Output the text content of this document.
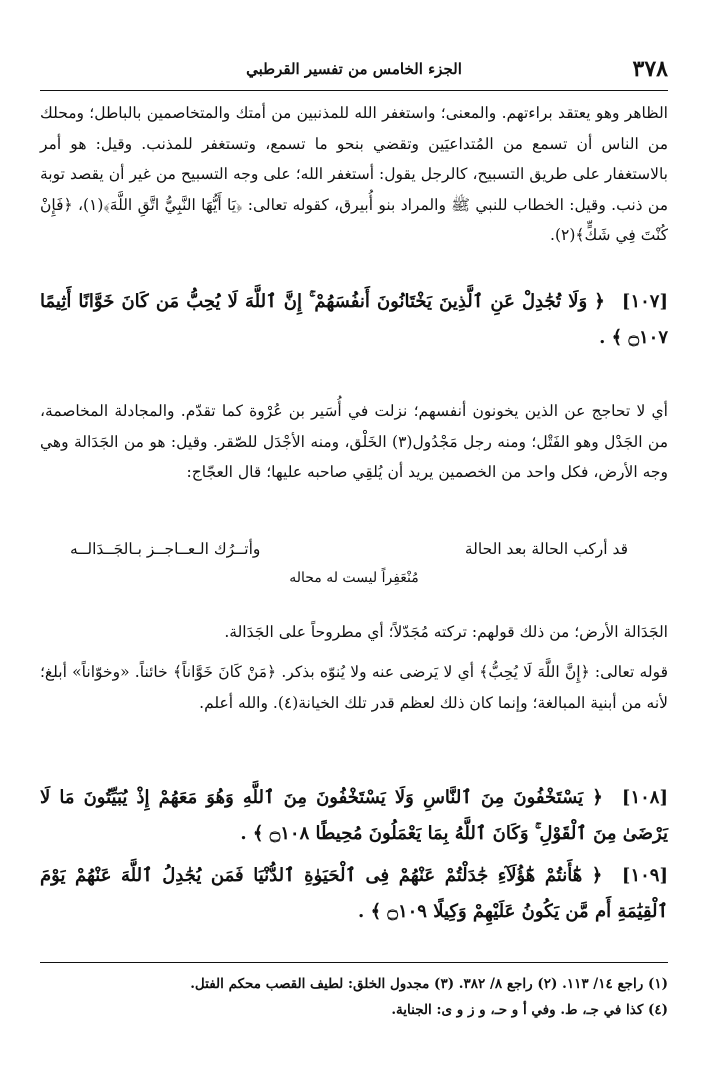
٣٧٨
الجزء الخامس من تفسير القرطبي
الظاهر وهو يعتقد براءتهم. والمعنى؛ واستغفر الله للمذنبين من أمتك والمتخاصمين بالباطل؛ ومحلك من الناس أن تسمع من المُتداعيَين وتقضي بنحو ما تسمع، وتستغفر للمذنب. وقيل: هو أمر بالاستغفار على طريق التسبيح، كالرجل يقول: أستغفر الله؛ على وجه التسبيح من غير أن يقصد توبة من ذنب. وقيل: الخطاب للنبي ﷺ والمراد بنو أُبيرق، كقوله تعالى: ﴿يَا أَيُّهَا النَّبِيُّ اتَّقِ اللَّهَ﴾(١)، ﴿فَإِنْ كُنْتَ فِي شَكٍّ﴾(٢).
[١٠٧] ﴿ وَلَا تُجَٰدِلْ عَنِ ٱلَّذِينَ يَخْتَانُونَ أَنفُسَهُمْ ۚ إِنَّ ٱللَّهَ لَا يُحِبُّ مَن كَانَ خَوَّانًا أَثِيمًا ۝١٠٧ ﴾ .
أي لا تحاجج عن الذين يخونون أنفسهم؛ نزلت في أُسَير بن عُرْوة كما تقدّم. والمجادلة المخاصمة، من الجَدْل وهو الفَتْل؛ ومنه رجل مَجْدُول(٣) الخَلْق، ومنه الأجْدَل للصّقر. وقيل: هو من الجَدَالة وهي وجه الأرض، فكل واحد من الخصمين يريد أن يُلقِي صاحبه عليها؛ قال العجّاج:
قد أركب الحالة بعد الحالة
وأتــرُك الـعــاجــز بـالجَــدَالــه
مُنْعَفِراً ليست له محاله
الجَدَالة الأرض؛ من ذلك قولهم: تركته مُجَدّلاً؛ أي مطروحاً على الجَدَالة.
قوله تعالى: ﴿إِنَّ اللَّهَ لَا يُحِبُّ﴾ أي لا يَرضى عنه ولا يُنوّه بذكر. ﴿مَنْ كَانَ خَوَّاناً﴾ خائناً. «وخوّاناً» أبلغ؛ لأنه من أبنية المبالغة؛ وإنما كان ذلك لعظم قدر تلك الخيانة(٤). والله أعلم.
[١٠٨] ﴿ يَسْتَخْفُونَ مِنَ ٱلنَّاسِ وَلَا يَسْتَخْفُونَ مِنَ ٱللَّهِ وَهُوَ مَعَهُمْ إِذْ يُبَيِّتُونَ مَا لَا يَرْضَىٰ مِنَ ٱلْقَوْلِ ۚ وَكَانَ ٱللَّهُ بِمَا يَعْمَلُونَ مُحِيطًا ۝١٠٨ ﴾ .
[١٠٩] ﴿ هَٰٓأَنتُمْ هَٰٓؤُلَآءِ جَٰدَلْتُمْ عَنْهُمْ فِى ٱلْحَيَوٰةِ ٱلدُّنْيَا فَمَن يُجَٰدِلُ ٱللَّهَ عَنْهُمْ يَوْمَ ٱلْقِيَٰمَةِ أَم مَّن يَكُونُ عَلَيْهِمْ وَكِيلًا ۝١٠٩ ﴾ .
(١) راجع ١٤/ ١١٣. (٢) راجع ٨/ ٣٨٢. (٣) مجدول الخلق: لطيف القصب محكم الفتل.
(٤) كذا في جـ، ط. وفي أ و حـ، و ز و ى: الجناية.
